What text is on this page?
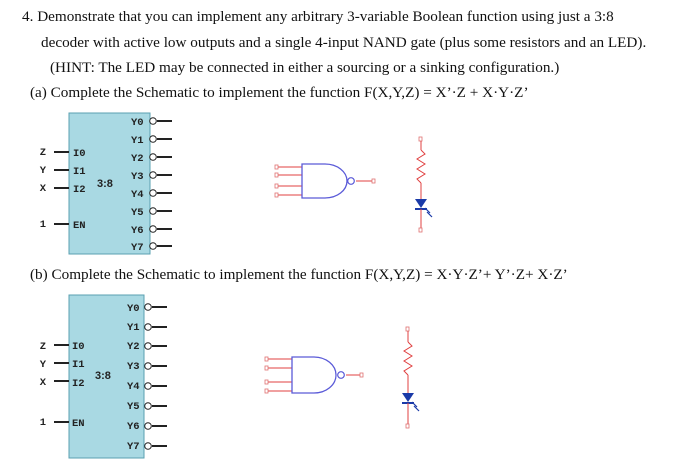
4. Demonstrate that you can implement any arbitrary 3-variable Boolean function using just a 3:8
decoder with active low outputs and a single 4-input NAND gate (plus some resistors and an LED).
(HINT: The LED may be connected in either a sourcing or a sinking configuration.)
(a) Complete the Schematic to implement the function F(X,Y,Z) = X’·Z + X·Y·Z’
(b) Complete the Schematic to implement the function F(X,Y,Z) = X·Y·Z’+ Y’·Z+ X·Z’
Z
Y
X
1
I0
I1
I2
EN
3:8
Y0
Y1
Y2
Y3
Y4
Y5
Y6
Y7
Z
Y
X
1
I0
I1
I2
EN
3:8
Y0
Y1
Y2
Y3
Y4
Y5
Y6
Y7
